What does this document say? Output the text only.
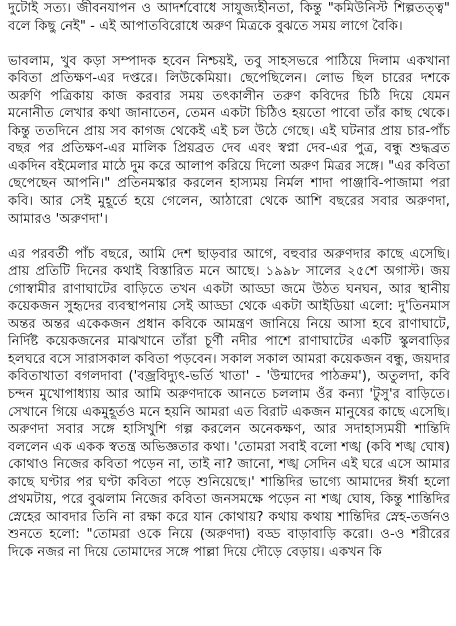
দুটোই সত্য। জীবনযাপন ও আদর্শবোধে সাযুজ্যহীনতা, কিন্তু "কমিউনিস্ট শিল্পতত্ত্ব" বলে কিছু নেই" - এই আপাতবিরোধে অরুণ মিত্রকে বুঝতে সময় লাগে বৈকি।

ভাবলাম, খুব কড়া সম্পাদক হবেন নিশ্চয়ই, তবু সাহসভরে পাঠিয়ে দিলাম একখানা কবিতা প্রতিক্ষণ-এর দপ্তরে। লিউকেমিয়া। ছেপেছিলেন। লোভ ছিল চারের দশকে অরুণি পত্রিকায় কাজ করবার সময় তৎকালীন তরুণ কবিদের চিঠি দিয়ে যেমন মনোনীত লেখার কথা জানাতেন, তেমন একটা চিঠিও হয়তো পাবো তাঁর কাছ থেকে। কিন্তু ততদিনে প্রায় সব কাগজ থেকেই এই চল উঠে গেছে। এই ঘটনার প্রায় চার-পাঁচ বছর পর প্রতিক্ষণ-এর মালিক প্রিয়ব্রত দেব এবং স্বপ্না দেব-এর পুত্র, বন্ধু শুদ্ধব্রত একদিন বইমেলার মাঠে দুম করে আলাপ করিয়ে দিলো অরুণ মিত্রর সঙ্গে। "এর কবিতা ছেপেছেন আপনি।" প্রতিনমস্কার করলেন হাস্যময় নির্মল শাদা পাঞ্জাবি-পাজামা পরা কবি। আর সেই মুহূর্তে হয়ে গেলেন, আঠারো থেকে আশি বছরের সবার অরুণদা, আমারও 'অরুণদা'।

এর পরবর্তী পাঁচ বছরে, আমি দেশ ছাড়বার আগে, বহুবার অরুণদার কাছে এসেছি। প্রায় প্রতিটি দিনের কথাই বিস্তারিত মনে আছে। ১৯৯৮ সালের ২৫শে অগাস্ট। জয় গোস্বামীর রাণাঘাটের বাড়িতে তখন একটা আড্ডা জমে উঠত ঘনঘন, আর স্থানীয় কয়েকজন সুহৃদের ব্যবস্থাপনায় সেই আড্ডা থেকে একটা আইডিয়া এলো: দু'তিনমাস অন্তর অন্তর একেকজন প্রধান কবিকে আমন্ত্রণ জানিয়ে নিয়ে আসা হবে রাণাঘাটে, নির্দিষ্ট কয়েকজনের মাঝখানে তাঁরা চূর্ণী নদীর পাশে রাণাঘাটের একটি স্কুলবাড়ির হলঘরে বসে সারাসকাল কবিতা পড়বেন। সকাল সকাল আমরা কয়েকজন বন্ধু, জয়দার কবিতাখাতা বগলদাবা ('বজ্রবিদ্যুৎ-ভর্তি খাতা' - 'উন্মাদের পাঠক্রম'), অতুলদা, কবি চন্দন মুখোপাধ্যায় আর আমি অরুণদাকে আনতে চললাম ওঁর কন্যা 'টুসু'র বাড়িতে। সেখানে গিয়ে একমুহূর্তও মনে হয়নি আমরা এত বিরাট একজন মানুষের কাছে এসেছি। অরুণদা সবার সঙ্গে হাসিখুশি গল্প করলেন অনেকক্ষণ, আর সদাহাস্যময়ী শান্তিদি বললেন এক একক স্বতন্ত্র অভিজ্ঞতার কথা। 'তোমরা সবাই বলো শঙ্খ (কবি শঙ্খ ঘোষ) কোথাও নিজের কবিতা পড়েন না, তাই না? জানো, শঙ্খ সেদিন এই ঘরে এসে আমার কাছে ঘণ্টার পর ঘণ্টা কবিতা পড়ে শুনিয়েছে।' শান্তিদির ভাগ্যে আমাদের ঈর্ষা হলো প্রথমটায়, পরে বুঝলাম নিজের কবিতা জনসমক্ষে পড়েন না শঙ্খ ঘোষ, কিন্তু শান্তিদির স্নেহের আবদার তিনি না রক্ষা করে যান কোথায়? কথায় কথায় শান্তিদির স্নেহ-তর্জনও শুনতে হলো: "তোমরা ওকে নিয়ে (অরুণদা) বড্ড বাড়াবাড়ি করো। ও-ও শরীরের দিকে নজর না দিয়ে তোমাদের সঙ্গে পাল্লা দিয়ে দৌড়ে বেড়ায়। একখন কি
